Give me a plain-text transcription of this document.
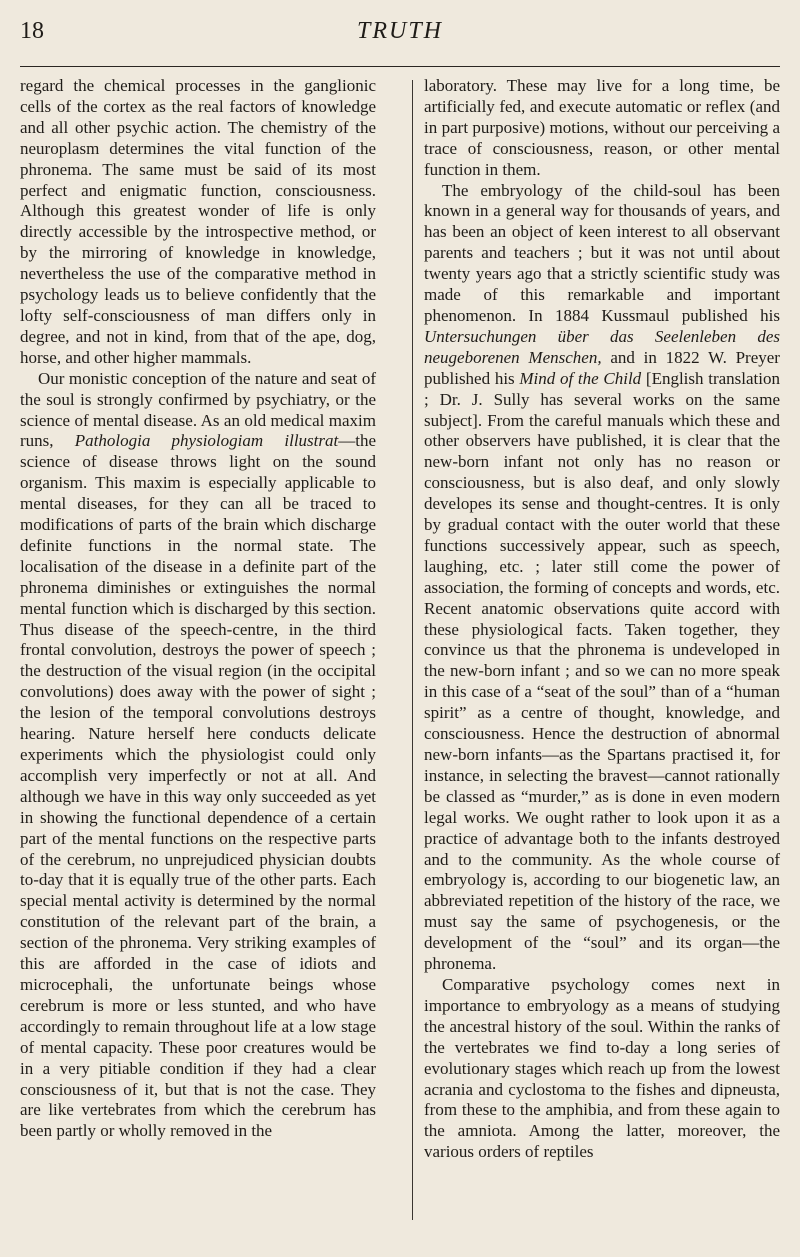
18	TRUTH

regard the chemical processes in the ganglionic cells of the cortex as the real factors of knowledge and all other psychic action. The chemistry of the neuroplasm determines the vital function of the phronema. The same must be said of its most perfect and enigmatic function, consciousness. Although this greatest wonder of life is only directly accessible by the introspective method, or by the mirroring of knowledge in knowledge, nevertheless the use of the comparative method in psychology leads us to believe confidently that the lofty self-consciousness of man differs only in degree, and not in kind, from that of the ape, dog, horse, and other higher mammals.

Our monistic conception of the nature and seat of the soul is strongly confirmed by psychiatry, or the science of mental disease. As an old medical maxim runs, Pathologia physiologiam illustrat—the science of disease throws light on the sound organism. This maxim is especially applicable to mental diseases, for they can all be traced to modifications of parts of the brain which discharge definite functions in the normal state. The localisation of the disease in a definite part of the phronema diminishes or extinguishes the normal mental function which is discharged by this section. Thus disease of the speech-centre, in the third frontal convolution, destroys the power of speech ; the destruction of the visual region (in the occipital convolutions) does away with the power of sight ; the lesion of the temporal convolutions destroys hearing. Nature herself here conducts delicate experiments which the physiologist could only accomplish very imperfectly or not at all. And although we have in this way only succeeded as yet in showing the functional dependence of a certain part of the mental functions on the respective parts of the cerebrum, no unprejudiced physician doubts to-day that it is equally true of the other parts. Each special mental activity is determined by the normal constitution of the relevant part of the brain, a section of the phronema. Very striking examples of this are afforded in the case of idiots and microcephali, the unfortunate beings whose cerebrum is more or less stunted, and who have accordingly to remain throughout life at a low stage of mental capacity. These poor creatures would be in a very pitiable condition if they had a clear consciousness of it, but that is not the case. They are like vertebrates from which the cerebrum has been partly or wholly removed in the

laboratory. These may live for a long time, be artificially fed, and execute automatic or reflex (and in part purposive) motions, without our perceiving a trace of consciousness, reason, or other mental function in them.

The embryology of the child-soul has been known in a general way for thousands of years, and has been an object of keen interest to all observant parents and teachers ; but it was not until about twenty years ago that a strictly scientific study was made of this remarkable and important phenomenon. In 1884 Kussmaul published his Untersuchungen über das Seelenleben des neugeborenen Menschen, and in 1822 W. Preyer published his Mind of the Child [English translation ; Dr. J. Sully has several works on the same subject]. From the careful manuals which these and other observers have published, it is clear that the new-born infant not only has no reason or consciousness, but is also deaf, and only slowly developes its sense and thought-centres. It is only by gradual contact with the outer world that these functions successively appear, such as speech, laughing, etc. ; later still come the power of association, the forming of concepts and words, etc. Recent anatomic observations quite accord with these physiological facts. Taken together, they convince us that the phronema is undeveloped in the new-born infant ; and so we can no more speak in this case of a “seat of the soul” than of a “human spirit” as a centre of thought, knowledge, and consciousness. Hence the destruction of abnormal new-born infants—as the Spartans practised it, for instance, in selecting the bravest—cannot rationally be classed as “murder,” as is done in even modern legal works. We ought rather to look upon it as a practice of advantage both to the infants destroyed and to the community. As the whole course of embryology is, according to our biogenetic law, an abbreviated repetition of the history of the race, we must say the same of psychogenesis, or the development of the “soul” and its organ—the phronema.

Comparative psychology comes next in importance to embryology as a means of studying the ancestral history of the soul. Within the ranks of the vertebrates we find to-day a long series of evolutionary stages which reach up from the lowest acrania and cyclostoma to the fishes and dipneusta, from these to the amphibia, and from these again to the amniota. Among the latter, moreover, the various orders of reptiles
